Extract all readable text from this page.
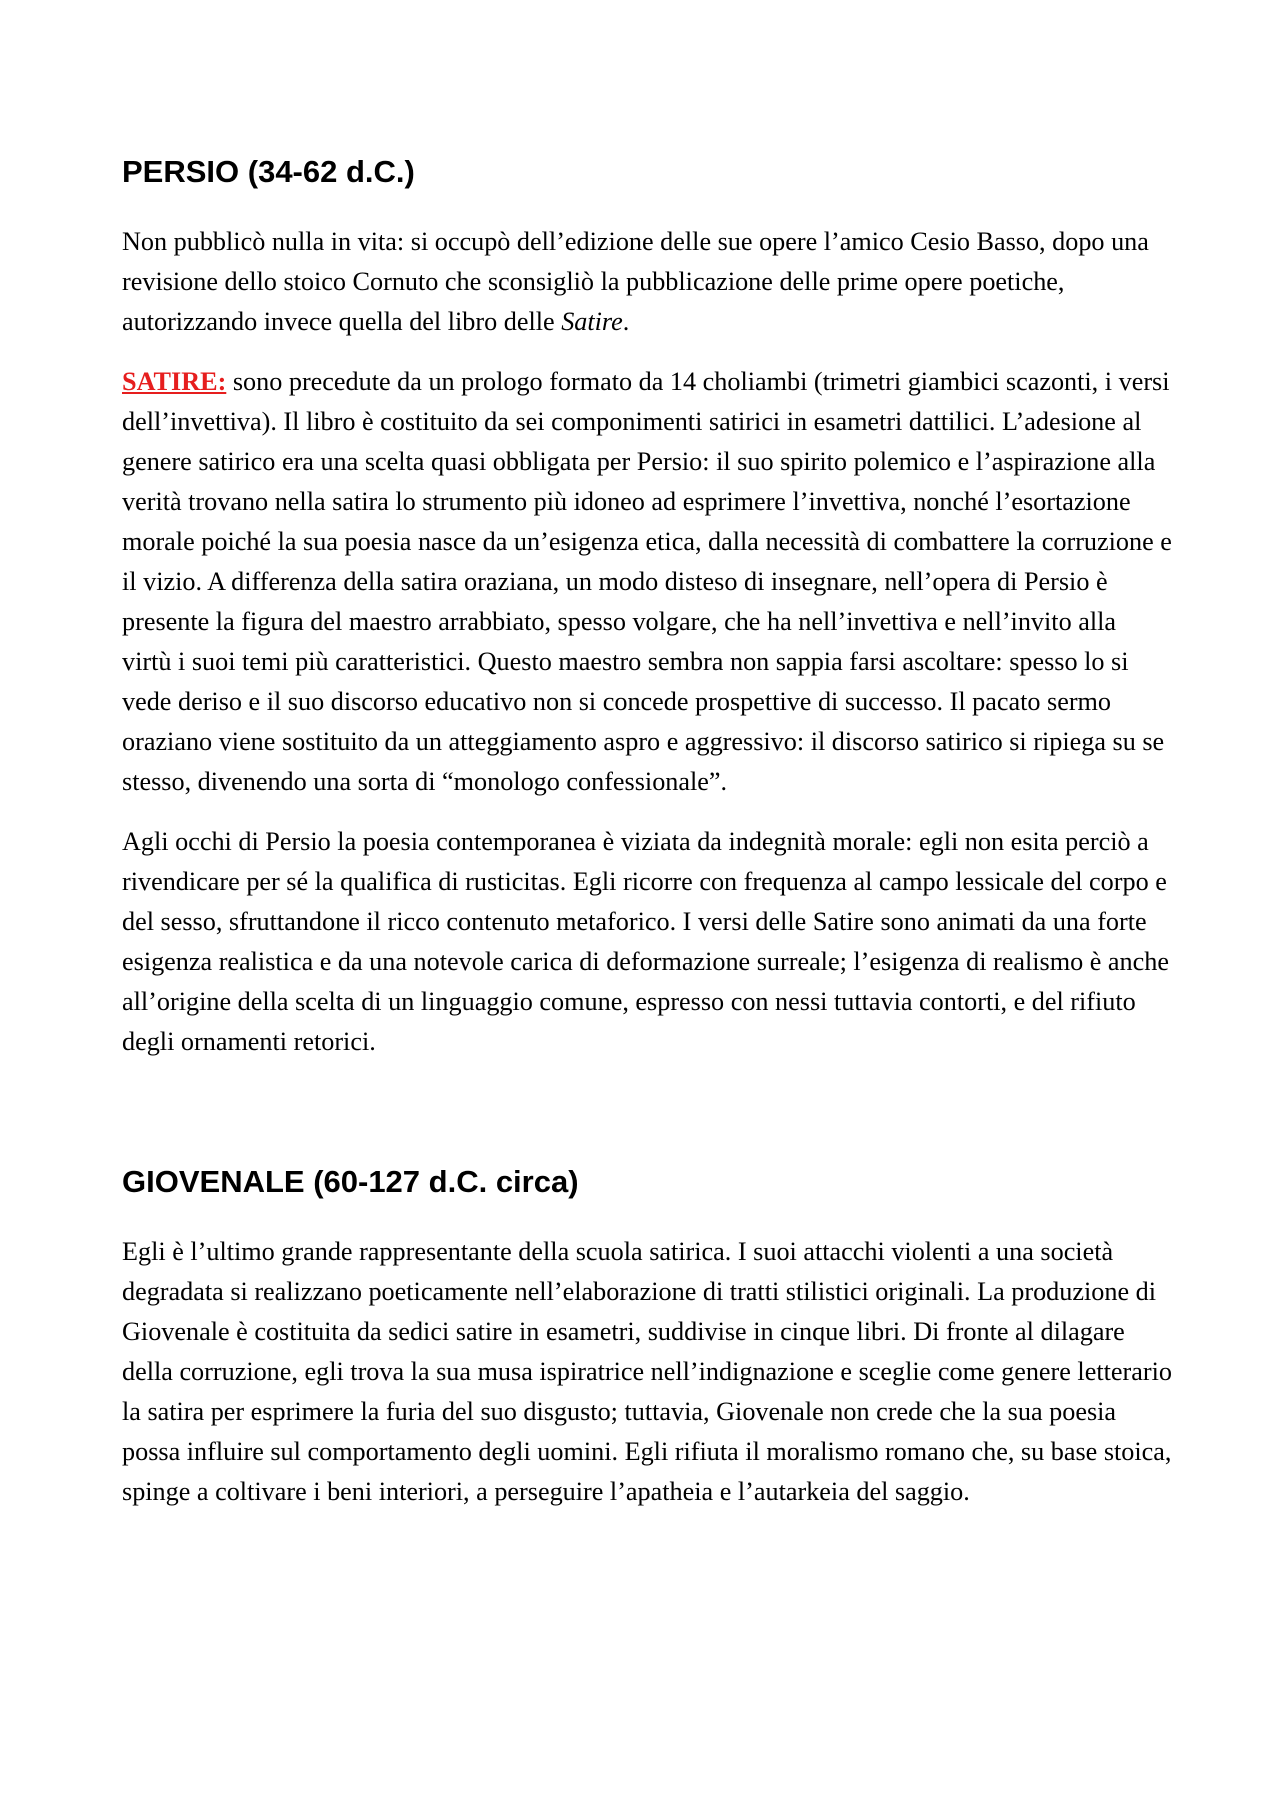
PERSIO (34-62 d.C.)

Non pubblicò nulla in vita: si occupò dell’edizione delle sue opere l’amico Cesio Basso, dopo una revisione dello stoico Cornuto che sconsigliò la pubblicazione delle prime opere poetiche, autorizzando invece quella del libro delle Satire.

SATIRE: sono precedute da un prologo formato da 14 choliambi (trimetri giambici scazonti, i versi dell’invettiva). Il libro è costituito da sei componimenti satirici in esametri dattilici. L’adesione al genere satirico era una scelta quasi obbligata per Persio: il suo spirito polemico e l’aspirazione alla verità trovano nella satira lo strumento più idoneo ad esprimere l’invettiva, nonché l’esortazione morale poiché la sua poesia nasce da un’esigenza etica, dalla necessità di combattere la corruzione e il vizio. A differenza della satira oraziana, un modo disteso di insegnare, nell’opera di Persio è presente la figura del maestro arrabbiato, spesso volgare, che ha nell’invettiva e nell’invito alla virtù i suoi temi più caratteristici. Questo maestro sembra non sappia farsi ascoltare: spesso lo si vede deriso e il suo discorso educativo non si concede prospettive di successo. Il pacato sermo oraziano viene sostituito da un atteggiamento aspro e aggressivo: il discorso satirico si ripiega su se stesso, divenendo una sorta di “monologo confessionale”.

Agli occhi di Persio la poesia contemporanea è viziata da indegnità morale: egli non esita perciò a rivendicare per sé la qualifica di rusticitas. Egli ricorre con frequenza al campo lessicale del corpo e del sesso, sfruttandone il ricco contenuto metaforico. I versi delle Satire sono animati da una forte esigenza realistica e da una notevole carica di deformazione surreale; l’esigenza di realismo è anche all’origine della scelta di un linguaggio comune, espresso con nessi tuttavia contorti, e del rifiuto degli ornamenti retorici.

GIOVENALE (60-127 d.C. circa)

Egli è l’ultimo grande rappresentante della scuola satirica. I suoi attacchi violenti a una società degradata si realizzano poeticamente nell’elaborazione di tratti stilistici originali. La produzione di Giovenale è costituita da sedici satire in esametri, suddivise in cinque libri. Di fronte al dilagare della corruzione, egli trova la sua musa ispiratrice nell’indignazione e sceglie come genere letterario la satira per esprimere la furia del suo disgusto; tuttavia, Giovenale non crede che la sua poesia possa influire sul comportamento degli uomini. Egli rifiuta il moralismo romano che, su base stoica, spinge a coltivare i beni interiori, a perseguire l’apatheia e l’autarkeia del saggio.
